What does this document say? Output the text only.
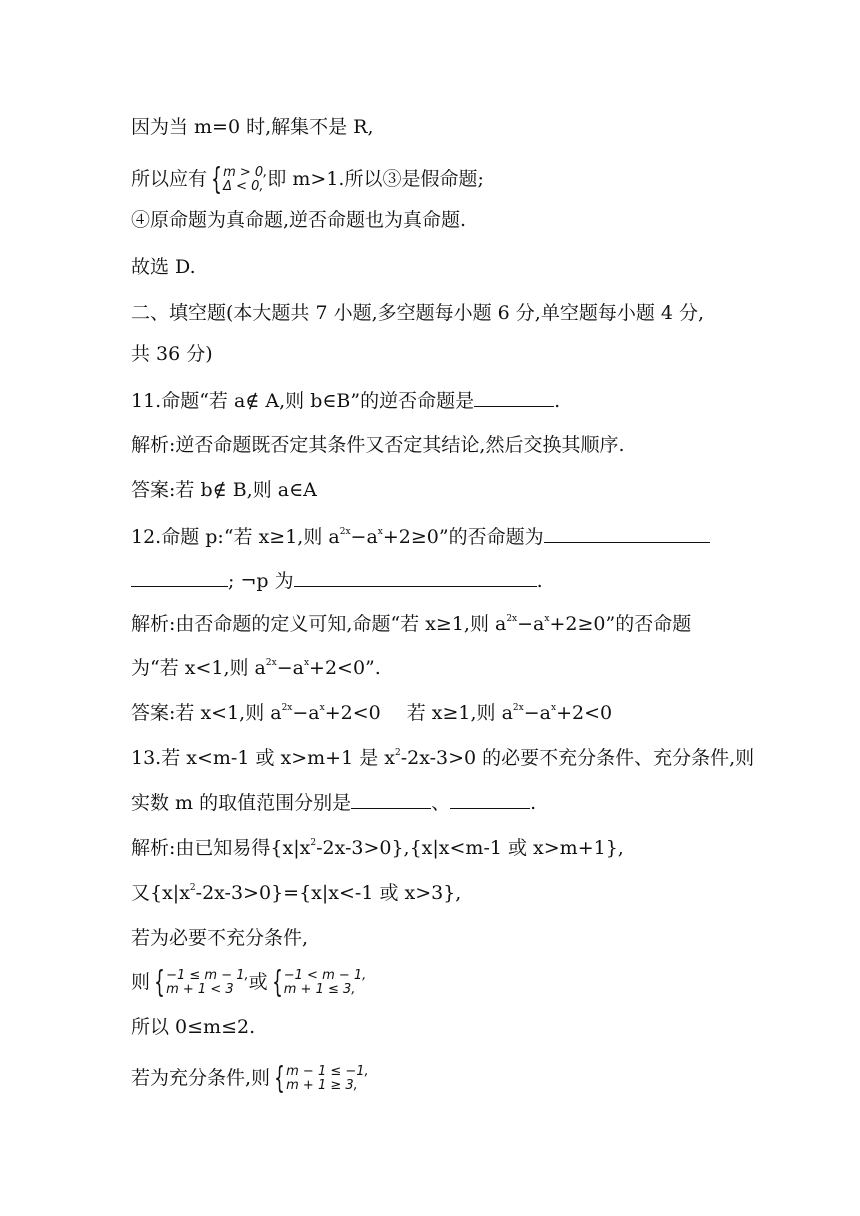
因为当 m=0 时,解集不是 R,
所以应有 { m > 0,
Δ < 0, 即 m>1.所以③是假命题;
④原命题为真命题,逆否命题也为真命题.
故选 D.
二、填空题(本大题共 7 小题,多空题每小题 6 分,单空题每小题 4 分,
共 36 分)
11.命题“若 a∉ A,则 b∈B”的逆否命题是	.
解析:逆否命题既否定其条件又否定其结论,然后交换其顺序.
答案:若 b∉ B,则 a∈A
12.命题 p:“若 x≥1,则 $a^{2x}-a^x+2\ge 0$”的否命题为
; ¬p 为	.
解析:由否命题的定义可知,命题“若 x≥1,则 $a^{2x}-a^x+2\ge 0$”的否命题
为“若 x<1,则 $a^{2x}-a^x+2<0$”.
答案:若 x<1,则 $a^{2x}-a^x+2<0$ 若 x≥1,则 $a^{2x}-a^x+2<0$
13.若 x<m-1 或 x>m+1 是 $x^2-2x-3>0$ 的必要不充分条件、充分条件,则
实数 m 的取值范围分别是	、	.
解析:由已知易得$\{x|x^2-2x-3>0\},\{x|x<m-1$ 或 x>m+1},
又$\{x|x^2-2x-3>0\}=\{x|x<-1$ 或 x>3},
若为必要不充分条件,
则 { −1 ≤ m − 1,
m + 1 < 3 或 { −1 < m − 1,
m + 1 ≤ 3,
所以 0≤m≤2.
若为充分条件,则 { m − 1 ≤ −1,
m + 1 ≥ 3,
